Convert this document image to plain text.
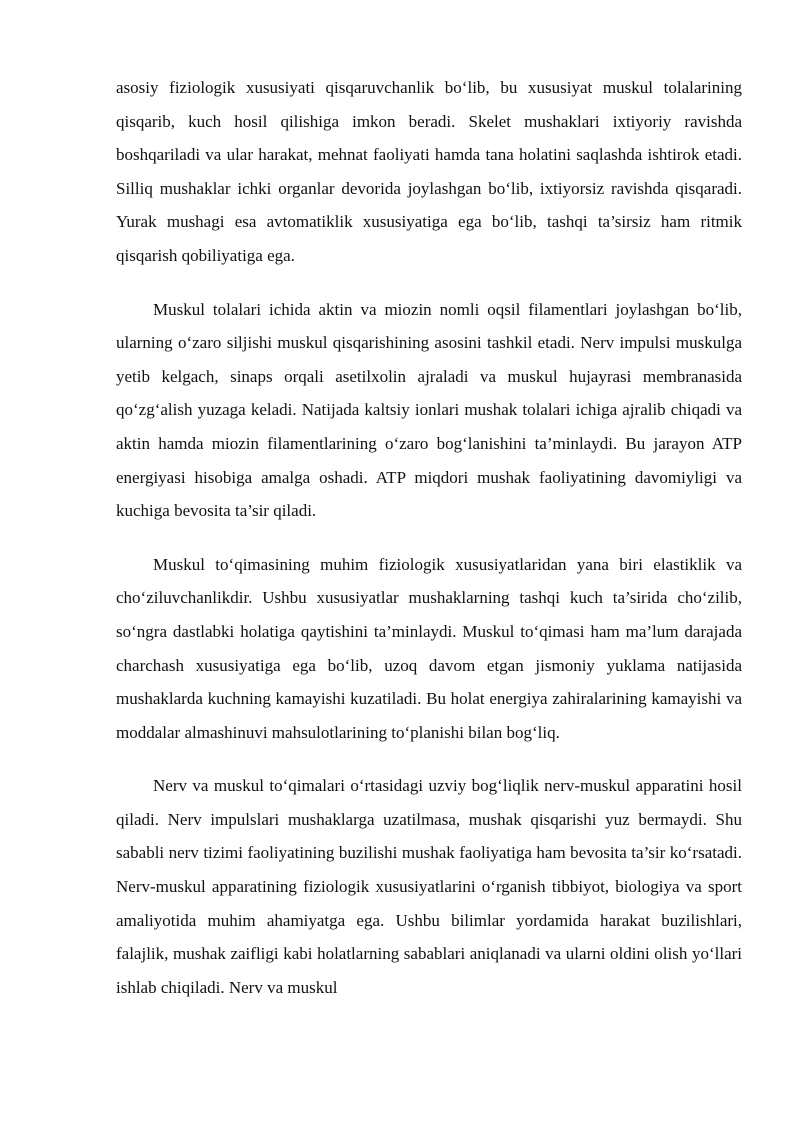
asosiy fiziologik xususiyati qisqaruvchanlik bo‘lib, bu xususiyat muskul tolalarining qisqarib, kuch hosil qilishiga imkon beradi. Skelet mushaklari ixtiyoriy ravishda boshqariladi va ular harakat, mehnat faoliyati hamda tana holatini saqlashda ishtirok etadi. Silliq mushaklar ichki organlar devorida joylashgan bo‘lib, ixtiyorsiz ravishda qisqaradi. Yurak mushagi esa avtomatiklik xususiyatiga ega bo‘lib, tashqi ta’sirsiz ham ritmik qisqarish qobiliyatiga ega.

Muskul tolalari ichida aktin va miozin nomli oqsil filamentlari joylashgan bo‘lib, ularning o‘zaro siljishi muskul qisqarishining asosini tashkil etadi. Nerv impulsi muskulga yetib kelgach, sinaps orqali asetilxolin ajraladi va muskul hujayrasi membranasida qo‘zg‘alish yuzaga keladi. Natijada kaltsiy ionlari mushak tolalari ichiga ajralib chiqadi va aktin hamda miozin filamentlarining o‘zaro bog‘lanishini ta’minlaydi. Bu jarayon ATP energiyasi hisobiga amalga oshadi. ATP miqdori mushak faoliyatining davomiyligi va kuchiga bevosita ta’sir qiladi.

Muskul to‘qimasining muhim fiziologik xususiyatlaridan yana biri elastiklik va cho‘ziluvchanlikdir. Ushbu xususiyatlar mushaklarning tashqi kuch ta’sirida cho‘zilib, so‘ngra dastlabki holatiga qaytishini ta’minlaydi. Muskul to‘qimasi ham ma’lum darajada charchash xususiyatiga ega bo‘lib, uzoq davom etgan jismoniy yuklama natijasida mushaklarda kuchning kamayishi kuzatiladi. Bu holat energiya zahiralarining kamayishi va moddalar almashinuvi mahsulotlarining to‘planishi bilan bog‘liq.

Nerv va muskul to‘qimalari o‘rtasidagi uzviy bog‘liqlik nerv-muskul apparatini hosil qiladi. Nerv impulslari mushaklarga uzatilmasa, mushak qisqarishi yuz bermaydi. Shu sababli nerv tizimi faoliyatining buzilishi mushak faoliyatiga ham bevosita ta’sir ko‘rsatadi. Nerv-muskul apparatining fiziologik xususiyatlarini o‘rganish tibbiyot, biologiya va sport amaliyotida muhim ahamiyatga ega. Ushbu bilimlar yordamida harakat buzilishlari, falajlik, mushak zaifligi kabi holatlarning sabablari aniqlanadi va ularni oldini olish yo‘llari ishlab chiqiladi. Nerv va muskul
